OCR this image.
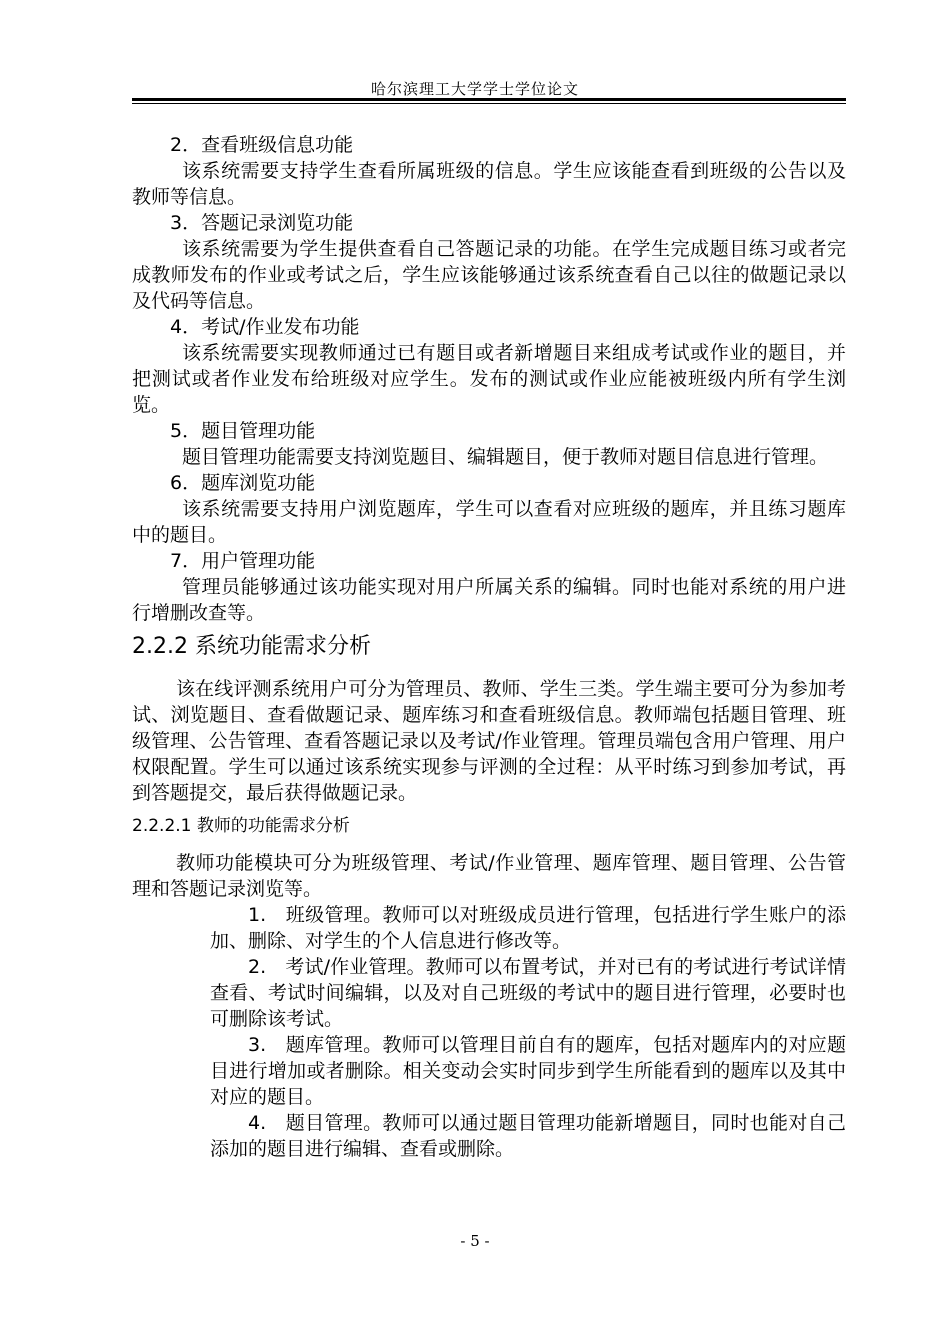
哈尔滨理工大学学士学位论文

2．查看班级信息功能

该系统需要支持学生查看所属班级的信息。学生应该能查看到班级的公告以及教师等信息。

3．答题记录浏览功能

该系统需要为学生提供查看自己答题记录的功能。在学生完成题目练习或者完成教师发布的作业或考试之后，学生应该能够通过该系统查看自己以往的做题记录以及代码等信息。

4．考试/作业发布功能

该系统需要实现教师通过已有题目或者新增题目来组成考试或作业的题目，并把测试或者作业发布给班级对应学生。发布的测试或作业应能被班级内所有学生浏览。

5．题目管理功能

题目管理功能需要支持浏览题目、编辑题目，便于教师对题目信息进行管理。

6．题库浏览功能

该系统需要支持用户浏览题库，学生可以查看对应班级的题库，并且练习题库中的题目。

7．用户管理功能

管理员能够通过该功能实现对用户所属关系的编辑。同时也能对系统的用户进行增删改查等。

2.2.2 系统功能需求分析

该在线评测系统用户可分为管理员、教师、学生三类。学生端主要可分为参加考试、浏览题目、查看做题记录、题库练习和查看班级信息。教师端包括题目管理、班级管理、公告管理、查看答题记录以及考试/作业管理。管理员端包含用户管理、用户权限配置。学生可以通过该系统实现参与评测的全过程：从平时练习到参加考试，再到答题提交，最后获得做题记录。

2.2.2.1 教师的功能需求分析

教师功能模块可分为班级管理、考试/作业管理、题库管理、题目管理、公告管理和答题记录浏览等。

1.　班级管理。教师可以对班级成员进行管理，包括进行学生账户的添加、删除、对学生的个人信息进行修改等。

2.　考试/作业管理。教师可以布置考试，并对已有的考试进行考试详情查看、考试时间编辑，以及对自己班级的考试中的题目进行管理，必要时也可删除该考试。

3.　题库管理。教师可以管理目前自有的题库，包括对题库内的对应题目进行增加或者删除。相关变动会实时同步到学生所能看到的题库以及其中对应的题目。

4.　题目管理。教师可以通过题目管理功能新增题目，同时也能对自己添加的题目进行编辑、查看或删除。

- 5 -
